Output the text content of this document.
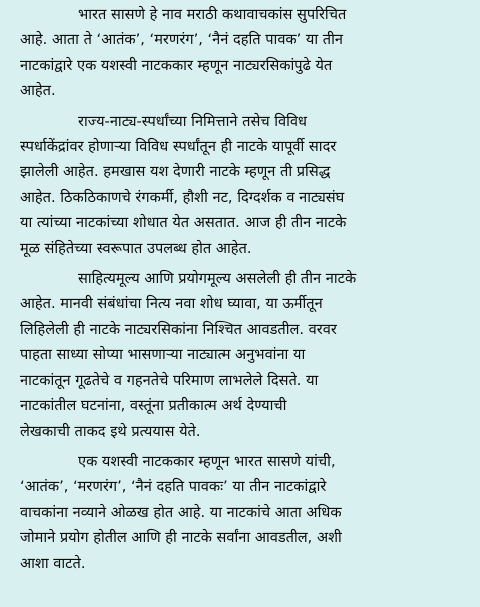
भारत सासणे हे नाव मराठी कथावाचकांस सुपरिचित
आहे. आता ते ‘आतंक’, ‘मरणरंग’, ‘नैनं दहति पावक’ या तीन
नाटकांद्वारे एक यशस्वी नाटककार म्हणून नाट्यरसिकांपुढे येत
आहेत.

राज्य-नाट्य-स्पर्धांच्या निमित्ताने तसेच विविध
स्पर्धाकेंद्रांवर होणाऱ्या विविध स्पर्धांतून ही नाटके यापूर्वी सादर
झालेली आहेत. हमखास यश देणारी नाटके म्हणून ती प्रसिद्ध
आहेत. ठिकठिकाणचे रंगकर्मी, हौशी नट, दिग्दर्शक व नाट्यसंघ
या त्यांच्या नाटकांच्या शोधात येत असतात. आज ही तीन नाटके
मूळ संहितेच्या स्वरूपात उपलब्ध होत आहेत.

साहित्यमूल्य आणि प्रयोगमूल्य असलेली ही तीन नाटके
आहेत. मानवी संबंधांचा नित्य नवा शोध घ्यावा, या ऊर्मीतून
लिहिलेली ही नाटके नाट्यरसिकांना निश्चित आवडतील. वरवर
पाहता साध्या सोप्या भासणाऱ्या नाट्यात्म अनुभवांना या
नाटकांतून गूढतेचे व गहनतेचे परिमाण लाभलेले दिसते. या
नाटकांतील घटनांना, वस्तूंना प्रतीकात्म अर्थ देण्याची
लेखकाची ताकद इथे प्रत्ययास येते.

एक यशस्वी नाटककार म्हणून भारत सासणे यांची,
‘आतंक’, ‘मरणरंग’, ‘नैनं दहति पावकः’ या तीन नाटकांद्वारे
वाचकांना नव्याने ओळख होत आहे. या नाटकांचे आता अधिक
जोमाने प्रयोग होतील आणि ही नाटके सर्वांना आवडतील, अशी
आशा वाटते.
